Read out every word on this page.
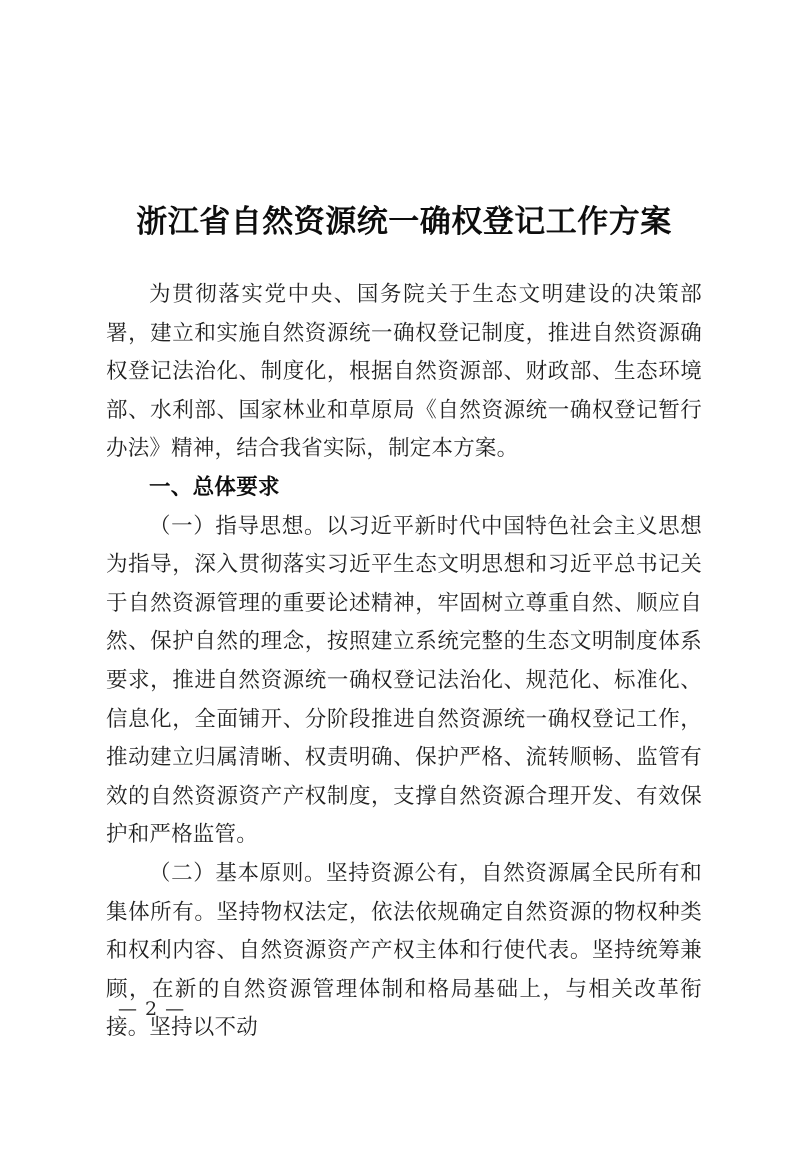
浙江省自然资源统一确权登记工作方案

为贯彻落实党中央、国务院关于生态文明建设的决策部署，建立和实施自然资源统一确权登记制度，推进自然资源确权登记法治化、制度化，根据自然资源部、财政部、生态环境部、水利部、国家林业和草原局《自然资源统一确权登记暂行办法》精神，结合我省实际，制定本方案。

一、总体要求

（一）指导思想。以习近平新时代中国特色社会主义思想为指导，深入贯彻落实习近平生态文明思想和习近平总书记关于自然资源管理的重要论述精神，牢固树立尊重自然、顺应自然、保护自然的理念，按照建立系统完整的生态文明制度体系要求，推进自然资源统一确权登记法治化、规范化、标准化、信息化，全面铺开、分阶段推进自然资源统一确权登记工作，推动建立归属清晰、权责明确、保护严格、流转顺畅、监管有效的自然资源资产产权制度，支撑自然资源合理开发、有效保护和严格监管。

（二）基本原则。坚持资源公有，自然资源属全民所有和集体所有。坚持物权法定，依法依规确定自然资源的物权种类和权利内容、自然资源资产产权主体和行使代表。坚持统筹兼顾，在新的自然资源管理体制和格局基础上，与相关改革衔接。坚持以不动

— 2 —
